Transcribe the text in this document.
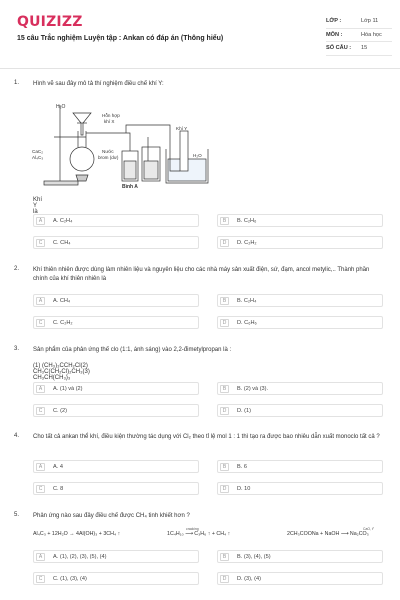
QUIZIZZ
15 câu Trắc nghiệm Luyện tập : Ankan có đáp án (Thông hiểu)
LỚP :	Lớp 11
MÔN :	Hóa học
SỐ CÂU :	15
1. Hình vẽ sau đây mô tả thí nghiệm điều chế khí Y:
H₂O
Hỗn hợp khí X
CaC₂ Al₄C₃
Nước brom (dư)
Bình A
Khí Y
H₂O
Khí Y là
A	A. C₂H₄	B	B. C₂H₆
C	C. CH₄	D	D. C₂H₂
2. Khí thiên nhiên được dùng làm nhiên liệu và nguyên liệu cho các nhà máy sản xuất điện, sứ, đạm, ancol metylic,.. Thành phần chính của khí thiên nhiên là
A	A. CH₄	B	B. C₂H₄
C	C. C₂H₂	D	D. C₆H₆
3. Sản phẩm của phản ứng thế clo (1:1, ánh sáng) vào 2,2-đimetylpropan là :
(1) (CH₃)₃CCH₂Cl(2) CH₃C(CH₂Cl)₂CH₃(3) CH₃CH(CH₃)₃
A	A. (1) và (2)	B	B. (2) và (3).
C	C. (2)	D	D. (1)
4. Cho tất cả ankan thể khí, điều kiện thường tác dụng với Cl₂ theo tỉ lệ mol 1 : 1 thì tạo ra được bao nhiêu dẫn xuất monoclo tất cả ?
A	A. 4	B	B. 6
C	C. 8	D	D. 10
5. Phản ứng nào sau đây điều chế được CH₄ tinh khiết hơn ?
Al₄C₃ + 12H₂O → 4Al(OH)₃ + 3CH₄ ↑	1C₄H₁₀ ⟶ C₃H₆ ↑ + CH₄ ↑	2CH₃COONa + NaOH ⟶ Na₂CO₃
cracking	CaO, t°
A	A. (1), (2), (3), (5), (4)	B	B. (3), (4), (5)
C	C. (1), (3), (4)	D	D. (3), (4)
